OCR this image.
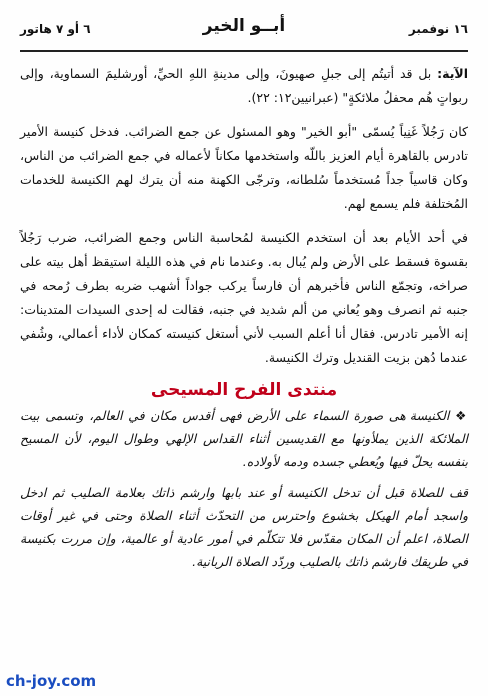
١٦ نوفمبر
أبــو الخير
٦ أو ٧ هاتور

الآية: بل قد أتيتُم إلى جبلِ صهيونَ، وإلى مدينةِ اللهِ الحيِّ، أورشليمَ السماوية، وإلى ربواتٍ هُم محفلُ ملائكةٍ" (عبرانيين١٢: ٢٢).

كان رَجُلاً غَنِياً يُسمّى "أبو الخير" وهو المسئول عن جمع الضرائب. فدخل كنيسة الأمير تادرس بالقاهرة أيام العزيز باللّه واستخدمها مكاناً لأعماله في جمع الضرائب من الناس، وكان قاسياً جداً مُستخدماً سُلطانه، وترجّى الكهنة منه أن يترك لهم الكنيسة للخدمات المُختلفة فلم يسمع لهم.

في أحد الأيام بعد أن استخدم الكنيسة لمُحاسبة الناس وجمع الضرائب، ضرب رَجُلاً بقسوة فسقط على الأرض ولم يُبال به. وعندما نام في هذه الليلة استيقظ أهل بيته على صراخه، وتجمّع الناس فأخبرهم أن فارساً يركب جواداً أشهب ضربه بطرف رُمحه في جنبه ثم انصرف وهو يُعاني من ألم شديد في جنبه، فقالت له إحدى السيدات المتدينات: إنه الأمير تادرس. فقال أنا أعلم السبب لأني أستغل كنيسته كمكان لأداء أعمالي، وشُفي عندما دُهن بزيت القنديل وترك الكنيسة.

منتدى الفرح المسيحى

❖ الكنيسة هى صورة السماء على الأرض فهى أقدس مكان في العالم، وتسمى بيت الملائكة الذين يملأونها مع القديسين أثناء القداس الإلهي وطوال اليوم، لأن المسيح بنفسه يحلّ فيها ويُعطي جسده ودمه لأولاده.

قف للصلاة قبل أن تدخل الكنيسة أو عند بابها وارشم ذاتك بعلامة الصليب ثم ادخل واسجد أمام الهيكل بخشوع واحترس من التحدّث أثناء الصلاة وحتى في غير أوقات الصلاة، اعلم أن المكان مقدّس فلا تتكلّم في أمور عادية أو عالمية، وإن مررت بكنيسة في طريقك فارشم ذاتك بالصليب وردّد الصلاة الربانية.

ch-joy.com
